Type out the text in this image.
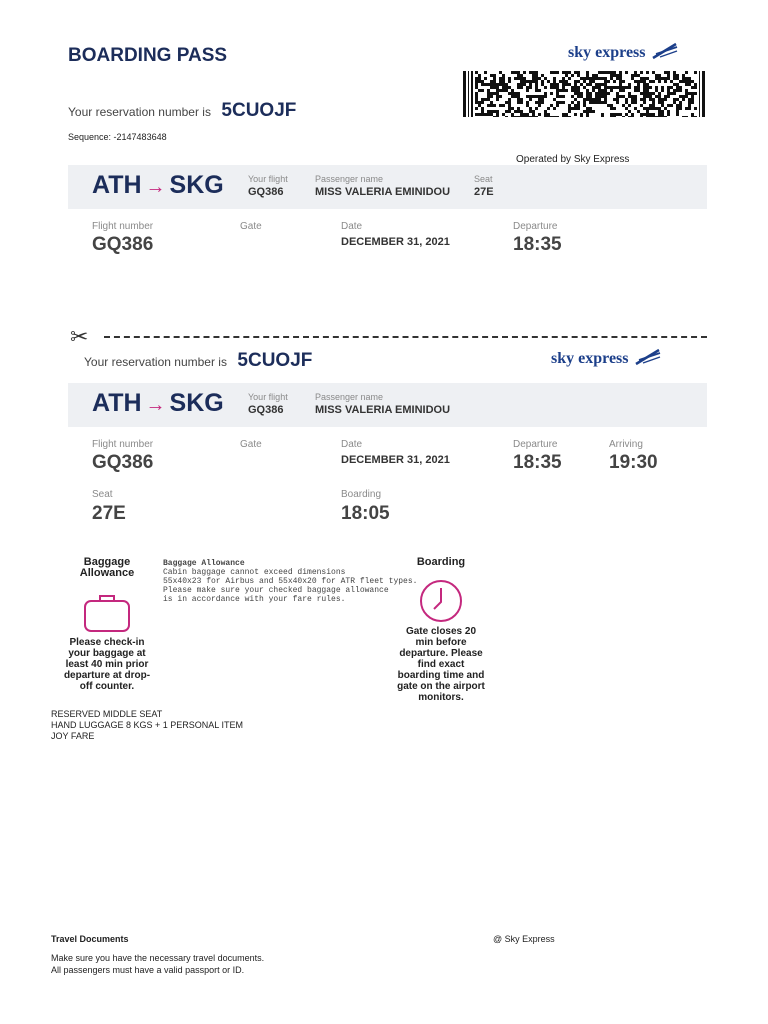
BOARDING PASS	sky express
Your reservation number is 5CUOJF
Sequence: -2147483648
Operated by Sky Express
ATH → SKG	Your flight
GQ386
Passenger name
MISS VALERIA EMINIDOU
Seat
27E
Flight number
GQ386
Gate	Date
DECEMBER 31, 2021
Departure
18:35
✂
Your reservation number is 5CUOJF	sky express
ATH → SKG	Your flight
GQ386
Passenger name
MISS VALERIA EMINIDOU
Flight number
GQ386
Gate	Date
DECEMBER 31, 2021
Departure
18:35
Arriving
19:30
Seat
27E
Boarding
18:05
Baggage
Allowance
Please check-in
your baggage at
least 40 min prior
departure at drop-
off counter.
Baggage Allowance
Cabin baggage cannot exceed dimensions
55x40x23 for Airbus and 55x40x20 for ATR fleet types.
Please make sure your checked baggage allowance
is in accordance with your fare rules.
Boarding
Gate closes 20
min before
departure. Please
find exact
boarding time and
gate on the airport
monitors.
RESERVED MIDDLE SEAT
HAND LUGGAGE 8 KGS + 1 PERSONAL ITEM
JOY FARE
Travel Documents
Make sure you have the necessary travel documents.
All passengers must have a valid passport or ID.
@ Sky Express
